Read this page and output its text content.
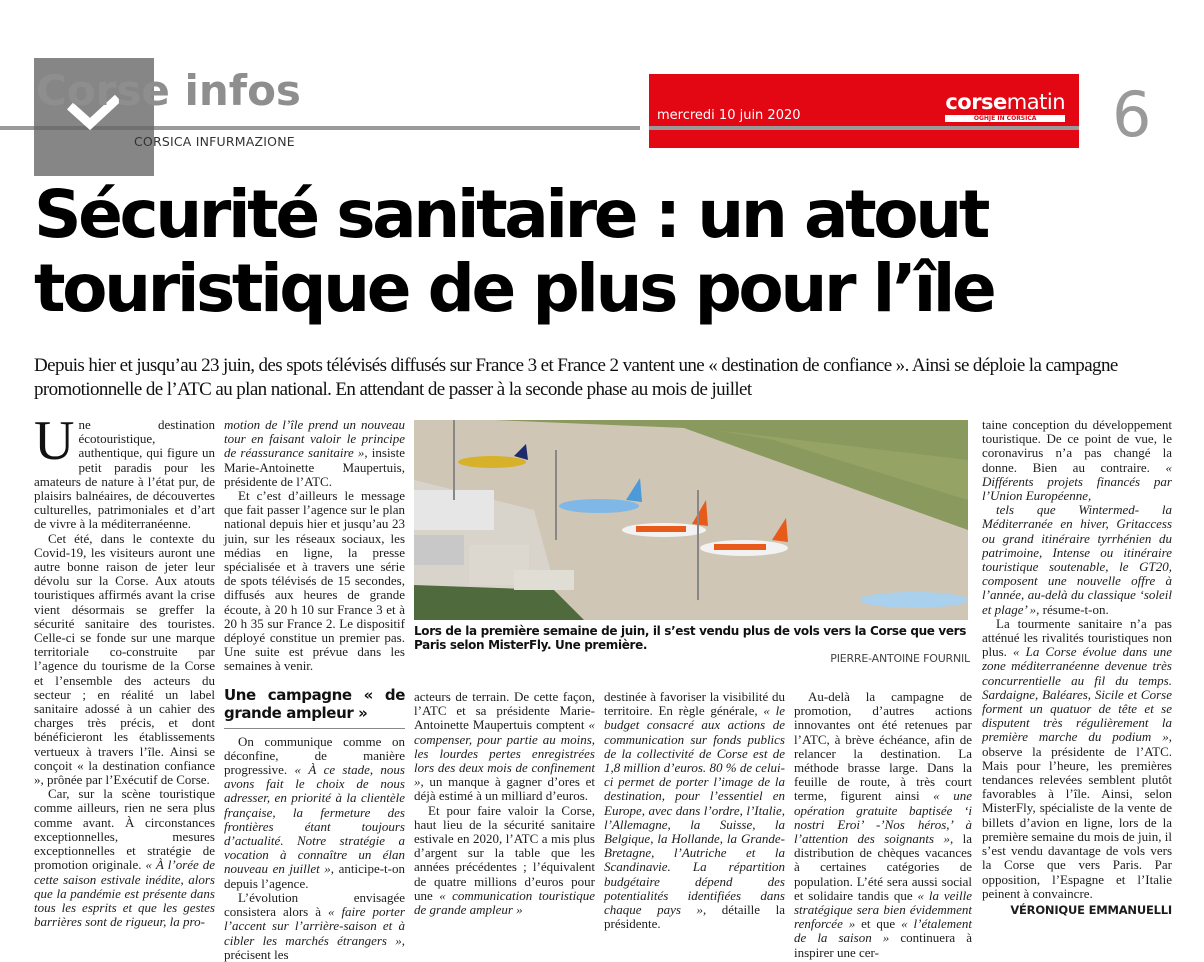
Corse infos
CORSICA INFURMAZIONE
mercredi 10 juin 2020
corsematin
OGHJE IN CORSICA	6
Sécurité sanitaire : un atout
touristique de plus pour l’île
Depuis hier et jusqu’au 23 juin, des spots télévisés diffusés sur France 3 et France 2 vantent une « destination de confiance ». Ainsi se déploie la campagne promotionnelle de l’ATC au plan national. En attendant de passer à la seconde phase au mois de juillet

Une destination écotouristique, authentique, qui figure un petit paradis pour les amateurs de nature à l’état pur, de plaisirs balnéaires, de découvertes culturelles, patrimoniales et d’art de vivre à la méditerranéenne.

Cet été, dans le contexte du Covid-19, les visiteurs auront une autre bonne raison de jeter leur dévolu sur la Corse. Aux atouts touristiques affirmés avant la crise vient désormais se greffer la sécurité sanitaire des touristes. Celle-ci se fonde sur une marque territoriale co-construite par l’agence du tourisme de la Corse et l’ensemble des acteurs du secteur ; en réalité un label sanitaire adossé à un cahier des charges très précis, et dont bénéficieront les établissements vertueux à travers l’île. Ainsi se conçoit « la destination confiance », prônée par l’Exécutif de Corse.

Car, sur la scène touristique comme ailleurs, rien ne sera plus comme avant. À circonstances exceptionnelles, mesures exceptionnelles et stratégie de promotion originale. « À l’orée de cette saison estivale inédite, alors que la pandémie est présente dans tous les esprits et que les gestes barrières sont de rigueur, la pro-

motion de l’île prend un nouveau tour en faisant valoir le principe de réassurance sanitaire », insiste Marie-Antoinette Maupertuis, présidente de l’ATC.

Et c’est d’ailleurs le message que fait passer l’agence sur le plan national depuis hier et jusqu’au 23 juin, sur les réseaux sociaux, les médias en ligne, la presse spécialisée et à travers une série de spots télévisés de 15 secondes, diffusés aux heures de grande écoute, à 20 h 10 sur France 3 et à 20 h 35 sur France 2. Le dispositif déployé constitue un premier pas. Une suite est prévue dans les semaines à venir.

Une campagne « de grande ampleur »

On communique comme on déconfine, de manière progressive. « À ce stade, nous avons fait le choix de nous adresser, en priorité à la clientèle française, la fermeture des frontières étant toujours d’actualité. Notre stratégie a vocation à connaître un élan nouveau en juillet », anticipe-t-on depuis l’agence.

L’évolution envisagée consistera alors à « faire porter l’accent sur l’arrière-saison et à cibler les marchés étrangers », précisent les

Lors de la première semaine de juin, il s’est vendu plus de vols vers la Corse que vers Paris selon MisterFly. Une première.
PIERRE-ANTOINE FOURNIL

acteurs de terrain. De cette façon, l’ATC et sa présidente Marie-Antoinette Maupertuis comptent « compenser, pour partie au moins, les lourdes pertes enregistrées lors des deux mois de confinement », un manque à gagner d’ores et déjà estimé à un milliard d’euros.

Et pour faire valoir la Corse, haut lieu de la sécurité sanitaire estivale en 2020, l’ATC a mis plus d’argent sur la table que les années précédentes ; l’équivalent de quatre millions d’euros pour une « communication touristique de grande ampleur »

destinée à favoriser la visibilité du territoire. En règle générale, « le budget consacré aux actions de communication sur fonds publics de la collectivité de Corse est de 1,8 million d’euros. 80 % de celui-ci permet de porter l’image de la destination, pour l’essentiel en Europe, avec dans l’ordre, l’Italie, l’Allemagne, la Suisse, la Belgique, la Hollande, la Grande-Bretagne, l’Autriche et la Scandinavie. La répartition budgétaire dépend des potentialités identifiées dans chaque pays », détaille la présidente.

Au-delà la campagne de promotion, d’autres actions innovantes ont été retenues par l’ATC, à brève échéance, afin de relancer la destination. La méthode brasse large. Dans la feuille de route, à très court terme, figurent ainsi « une opération gratuite baptisée ‘i nostri Eroi’ -’Nos héros,’ à l’attention des soignants », la distribution de chèques vacances à certaines catégories de population. L’été sera aussi social et solidaire tandis que « la veille stratégique sera bien évidemment renforcée » et que « l’étalement de la saison » continuera à inspirer une cer-

taine conception du développement touristique. De ce point de vue, le coronavirus n’a pas changé la donne. Bien au contraire. « Différents projets financés par l’Union Européenne,

tels que Wintermed- la Méditerranée en hiver, Gritaccess ou grand itinéraire tyrrhénien du patrimoine, Intense ou itinéraire touristique soutenable, le GT20, composent une nouvelle offre à l’année, au-delà du classique ‘soleil et plage’ », résume-t-on.

La tourmente sanitaire n’a pas atténué les rivalités touristiques non plus. « La Corse évolue dans une zone méditerranéenne devenue très concurrentielle au fil du temps. Sardaigne, Baléares, Sicile et Corse forment un quatuor de tête et se disputent très régulièrement la première marche du podium », observe la présidente de l’ATC. Mais pour l’heure, les premières tendances relevées semblent plutôt favorables à l’île. Ainsi, selon MisterFly, spécialiste de la vente de billets d’avion en ligne, lors de la première semaine du mois de juin, il s’est vendu davantage de vols vers la Corse que vers Paris. Par opposition, l’Espagne et l’Italie peinent à convaincre.

VÉRONIQUE EMMANUELLI
